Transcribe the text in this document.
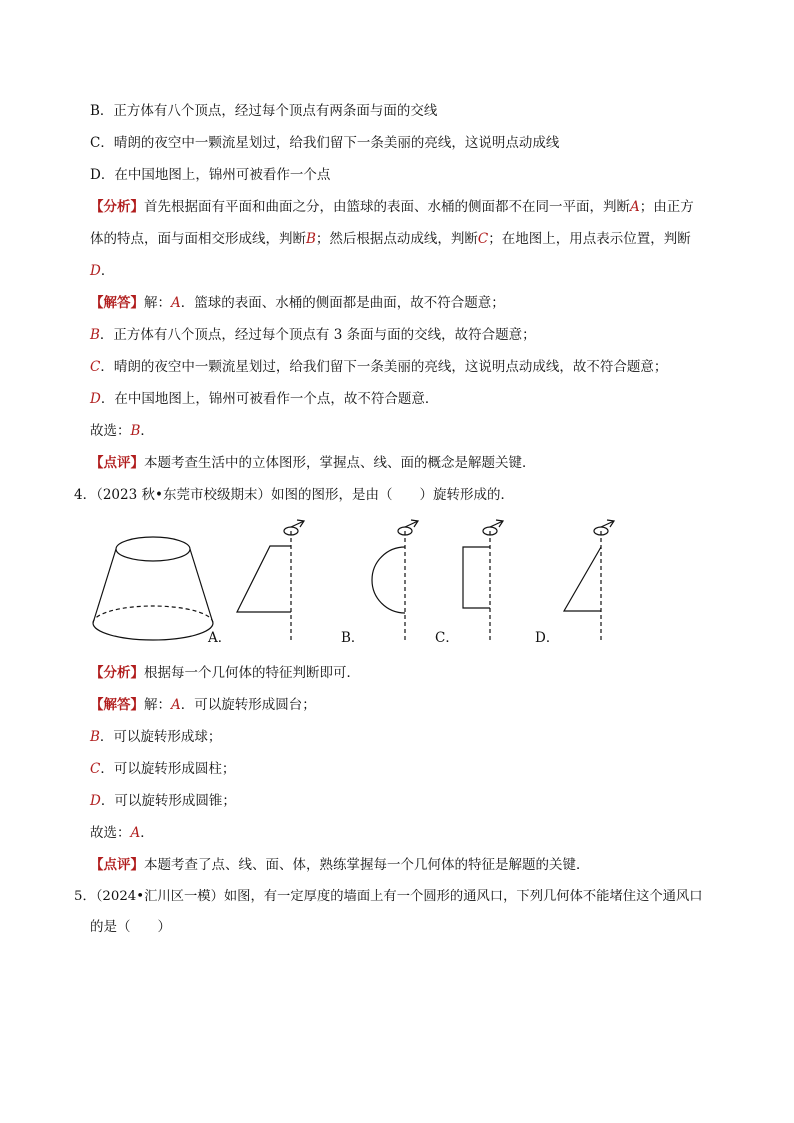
B．正方体有八个顶点，经过每个顶点有两条面与面的交线
C．晴朗的夜空中一颗流星划过，给我们留下一条美丽的亮线，这说明点动成线
D．在中国地图上，锦州可被看作一个点
【分析】首先根据面有平面和曲面之分，由篮球的表面、水桶的侧面都不在同一平面，判断A；由正方
体的特点，面与面相交形成线，判断B；然后根据点动成线，判断C；在地图上，用点表示位置，判断
D．
【解答】解：A．篮球的表面、水桶的侧面都是曲面，故不符合题意；
B．正方体有八个顶点，经过每个顶点有 3 条面与面的交线，故符合题意；
C．晴朗的夜空中一颗流星划过，给我们留下一条美丽的亮线，这说明点动成线，故不符合题意；
D．在中国地图上，锦州可被看作一个点，故不符合题意．
故选：B．
【点评】本题考查生活中的立体图形，掌握点、线、面的概念是解题关键．
4．（2023 秋•东莞市校级期末）如图的图形，是由（　　）旋转形成的．
A．	B．	C．	D．
【分析】根据每一个几何体的特征判断即可．
【解答】解：A．可以旋转形成圆台；
B．可以旋转形成球；
C．可以旋转形成圆柱；
D．可以旋转形成圆锥；
故选：A．
【点评】本题考查了点、线、面、体，熟练掌握每一个几何体的特征是解题的关键．
5．（2024•汇川区一模）如图，有一定厚度的墙面上有一个圆形的通风口，下列几何体不能堵住这个通风口
的是（　　）
